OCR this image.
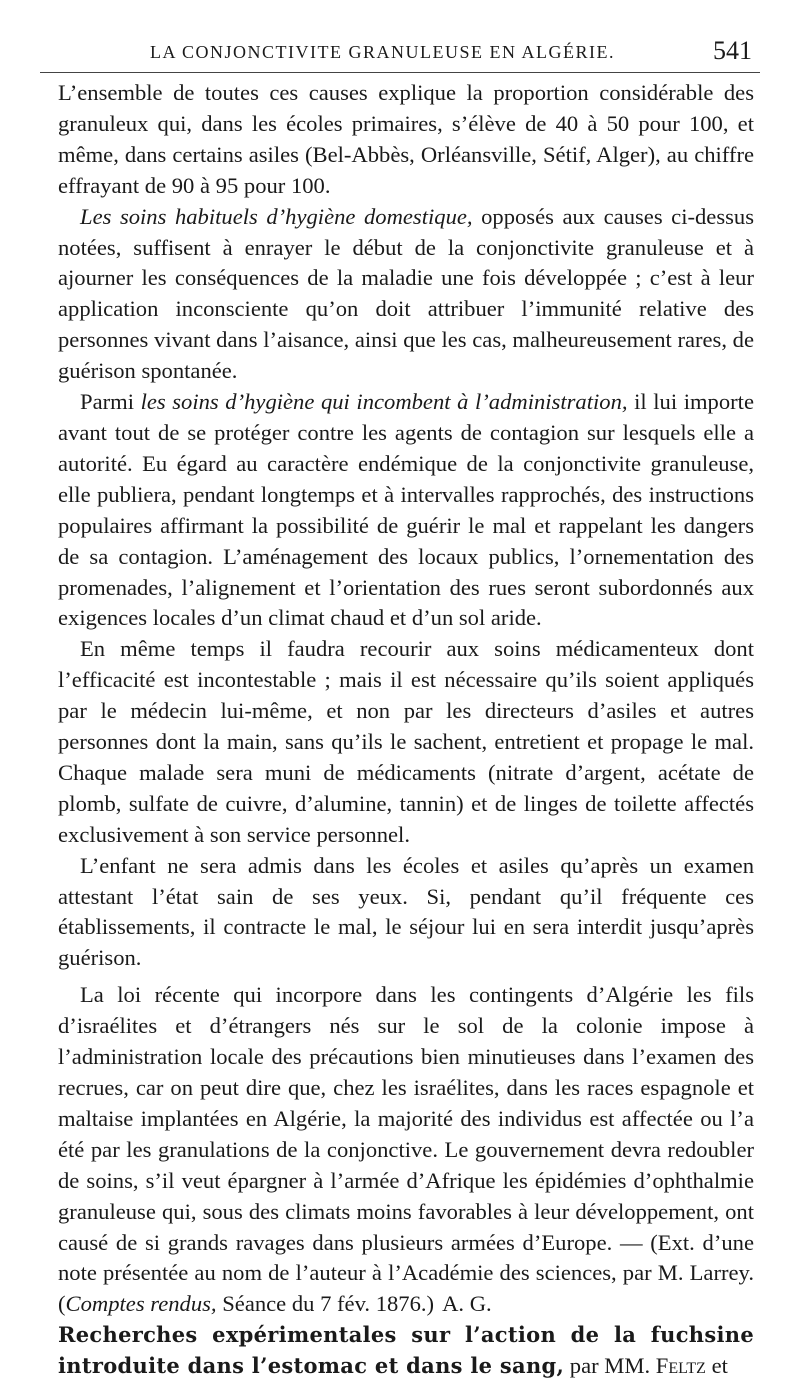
LA CONJONCTIVITE GRANULEUSE EN ALGÉRIE.	541

L’ensemble de toutes ces causes explique la proportion considérable des granuleux qui, dans les écoles primaires, s’élève de 40 à 50 pour 100, et même, dans certains asiles (Bel-Abbès, Orléansville, Sétif, Alger), au chiffre effrayant de 90 à 95 pour 100.

Les soins habituels d’hygiène domestique, opposés aux causes ci-dessus notées, suffisent à enrayer le début de la conjonctivite granuleuse et à ajourner les conséquences de la maladie une fois développée ; c’est à leur application inconsciente qu’on doit attribuer l’immunité relative des personnes vivant dans l’aisance, ainsi que les cas, malheureusement rares, de guérison spontanée.

Parmi les soins d’hygiène qui incombent à l’administration, il lui importe avant tout de se protéger contre les agents de contagion sur lesquels elle a autorité. Eu égard au caractère endémique de la conjonctivite granuleuse, elle publiera, pendant longtemps et à intervalles rapprochés, des instructions populaires affirmant la possibilité de guérir le mal et rappelant les dangers de sa contagion. L’aménagement des locaux publics, l’ornementation des promenades, l’alignement et l’orientation des rues seront subordonnés aux exigences locales d’un climat chaud et d’un sol aride.

En même temps il faudra recourir aux soins médicamenteux dont l’efficacité est incontestable ; mais il est nécessaire qu’ils soient appliqués par le médecin lui-même, et non par les directeurs d’asiles et autres personnes dont la main, sans qu’ils le sachent, entretient et propage le mal. Chaque malade sera muni de médicaments (nitrate d’argent, acétate de plomb, sulfate de cuivre, d’alumine, tannin) et de linges de toilette affectés exclusivement à son service personnel.

L’enfant ne sera admis dans les écoles et asiles qu’après un examen attestant l’état sain de ses yeux. Si, pendant qu’il fréquente ces établissements, il contracte le mal, le séjour lui en sera interdit jusqu’après guérison.

La loi récente qui incorpore dans les contingents d’Algérie les fils d’israélites et d’étrangers nés sur le sol de la colonie impose à l’administration locale des précautions bien minutieuses dans l’examen des recrues, car on peut dire que, chez les israélites, dans les races espagnole et maltaise implantées en Algérie, la majorité des individus est affectée ou l’a été par les granulations de la conjonctive. Le gouvernement devra redoubler de soins, s’il veut épargner à l’armée d’Afrique les épidémies d’ophthalmie granuleuse qui, sous des climats moins favorables à leur développement, ont causé de si grands ravages dans plusieurs armées d’Europe. — (Ext. d’une note présentée au nom de l’auteur à l’Académie des sciences, par M. Larrey. (Comptes rendus, Séance du 7 fév. 1876.) A. G.

Recherches expérimentales sur l’action de la fuchsine introduite dans l’estomac et dans le sang, par MM. Feltz et
